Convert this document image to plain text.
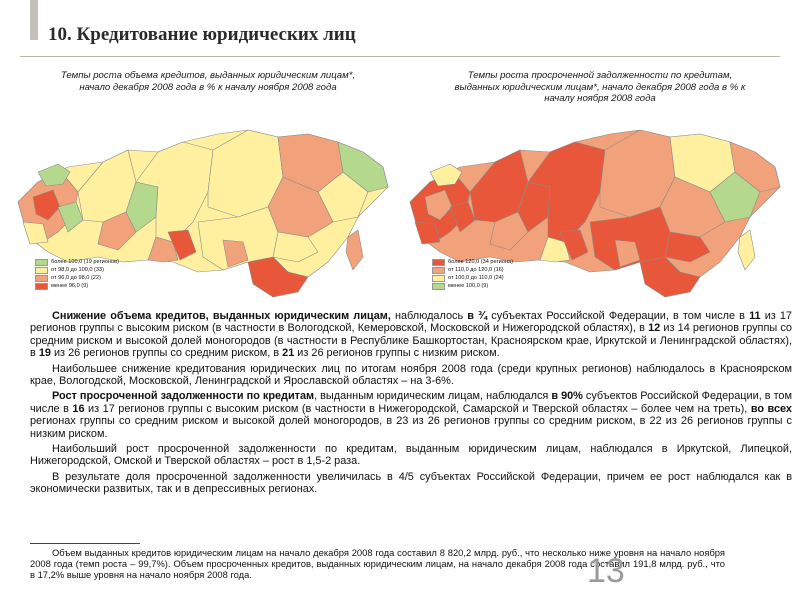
10. Кредитование юридических лиц
Темпы роста объема кредитов, выданных юридическим лицам*,
начало декабря 2008 года в % к началу ноября 2008 года
более 100,0 (19 регионов)
от 98,0 до 100,0 (33)
от 96,0 до 98,0 (22)
менее 96,0 (9)
Темпы роста просроченной задолженности по кредитам,
выданных юридическим лицам*, начало декабря 2008 года в % к
началу ноября 2008 года
более 120,0 (34 региона)
от 110,0 до 120,0 (16)
от 100,0 до 110,0 (24)
менее 100,0 (9)

Снижение объема кредитов, выданных юридическим лицам, наблюдалось в ¾ субъектах Российской Федерации, в том числе в 11 из 17 регионов группы с высоким риском (в частности в Вологодской, Кемеровской, Московской и Нижегородской областях), в 12 из 14 регионов группы со средним риском и высокой долей моногородов (в частности в Республике Башкортостан, Красноярском крае, Иркутской и Ленинградской областях), в 19 из 26 регионов группы со средним риском, в 21 из 26 регионов группы с низким риском.

Наибольшее снижение кредитования юридических лиц по итогам ноября 2008 года (среди крупных регионов) наблюдалось в Красноярском крае, Вологодской, Московской, Ленинградской и Ярославской областях – на 3-6%.

Рост просроченной задолженности по кредитам, выданным юридическим лицам, наблюдался в 90% субъектов Российской Федерации, в том числе в 16 из 17 регионов группы с высоким риском (в частности в Нижегородской, Самарской и Тверской областях – более чем на треть), во всех регионах группы со средним риском и высокой долей моногородов, в 23 из 26 регионов группы со средним риском, в 22 из 26 регионов группы с низким риском.

Наибольший рост просроченной задолженности по кредитам, выданным юридическим лицам, наблюдался в Иркутской, Липецкой, Нижегородской, Омской и Тверской областях – рост в 1,5-2 раза.

В результате доля просроченной задолженности увеличилась в 4/5 субъектах Российской Федерации, причем ее рост наблюдался как в экономически развитых, так и в депрессивных регионах.

Объем выданных кредитов юридическим лицам на начало декабря 2008 года составил 8 820,2 млрд. руб., что несколько ниже уровня на начало ноября 2008 года (темп роста – 99,7%). Объем просроченных кредитов, выданных юридическим лицам, на начало декабря 2008 года составил 191,8 млрд. руб., что в 17,2% выше уровня на начало ноября 2008 года.	13
